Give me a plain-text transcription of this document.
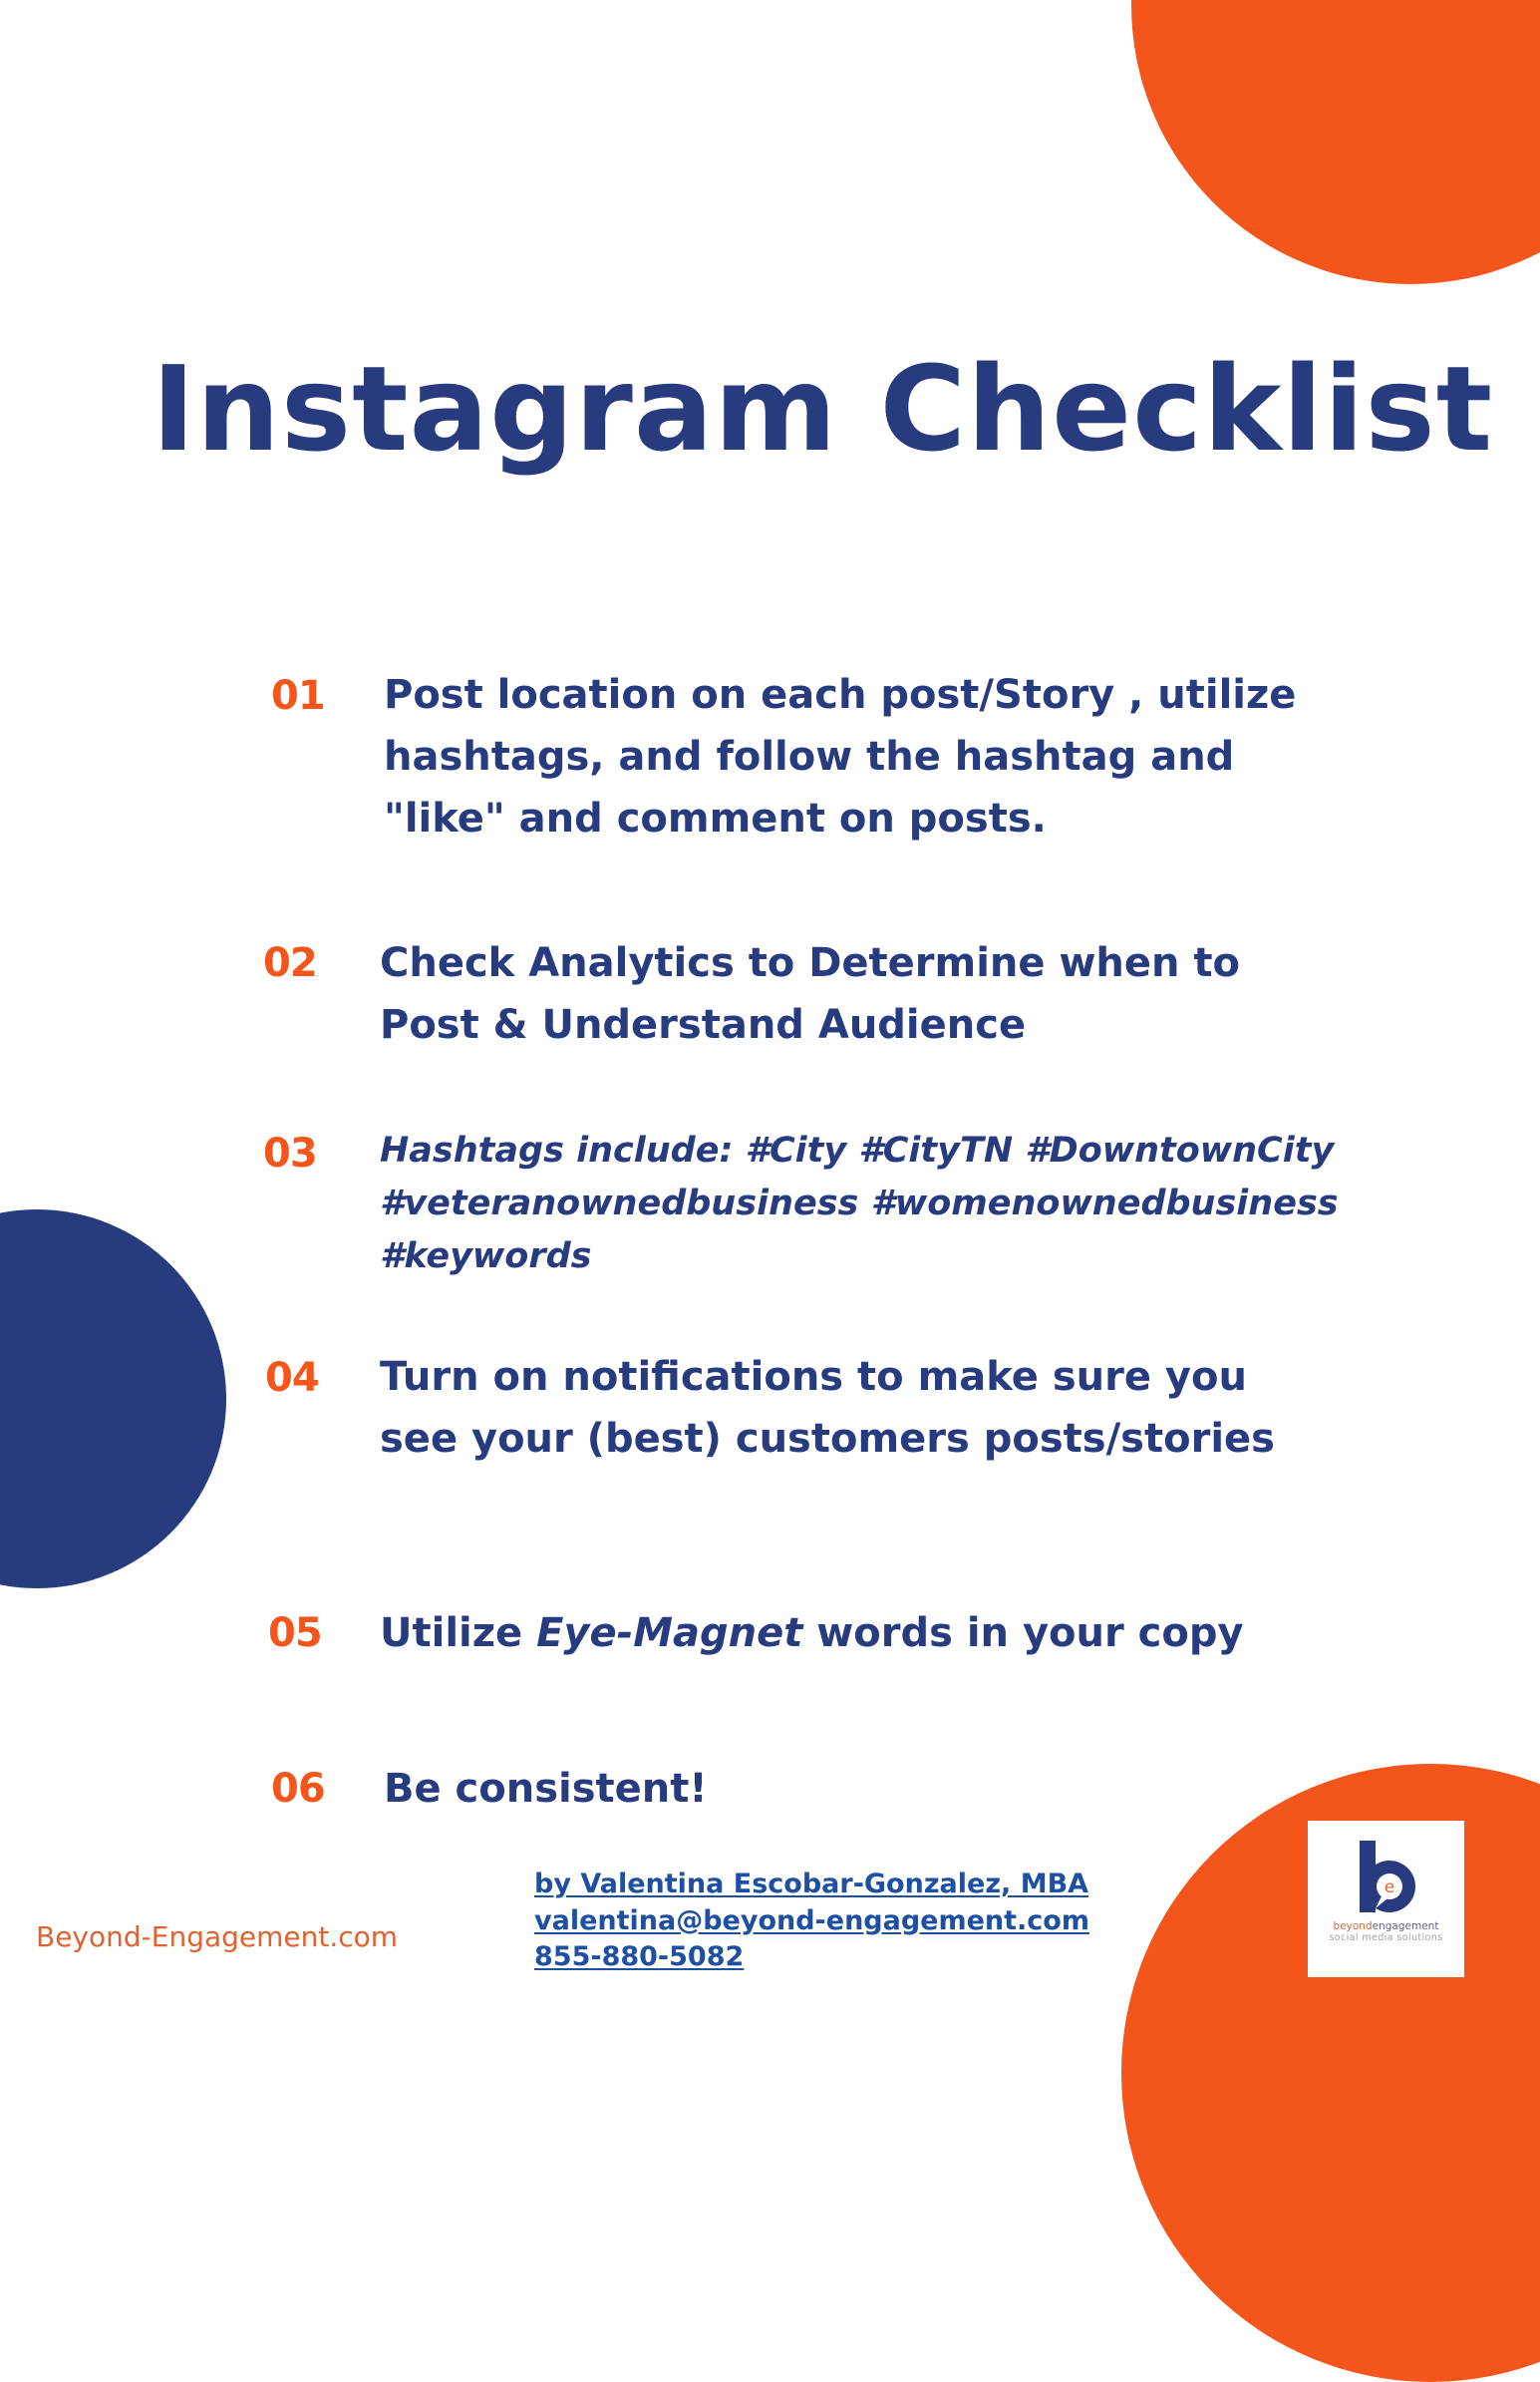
Instagram Checklist
01 Post location on each post/Story , utilize
hashtags, and follow the hashtag and
"like" and comment on posts.
02 Check Analytics to Determine when to
Post & Understand Audience
03 Hashtags include: #City #CityTN #DowntownCity
#veteranownedbusiness #womenownedbusiness
#keywords
04 Turn on notifications to make sure you
see your (best) customers posts/stories
05 Utilize Eye-Magnet words in your copy
06 Be consistent!
Beyond-Engagement.com
by Valentina Escobar-Gonzalez, MBA
valentina@beyond-engagement.com
855-880-5082
e
beyondengagement
social media solutions
